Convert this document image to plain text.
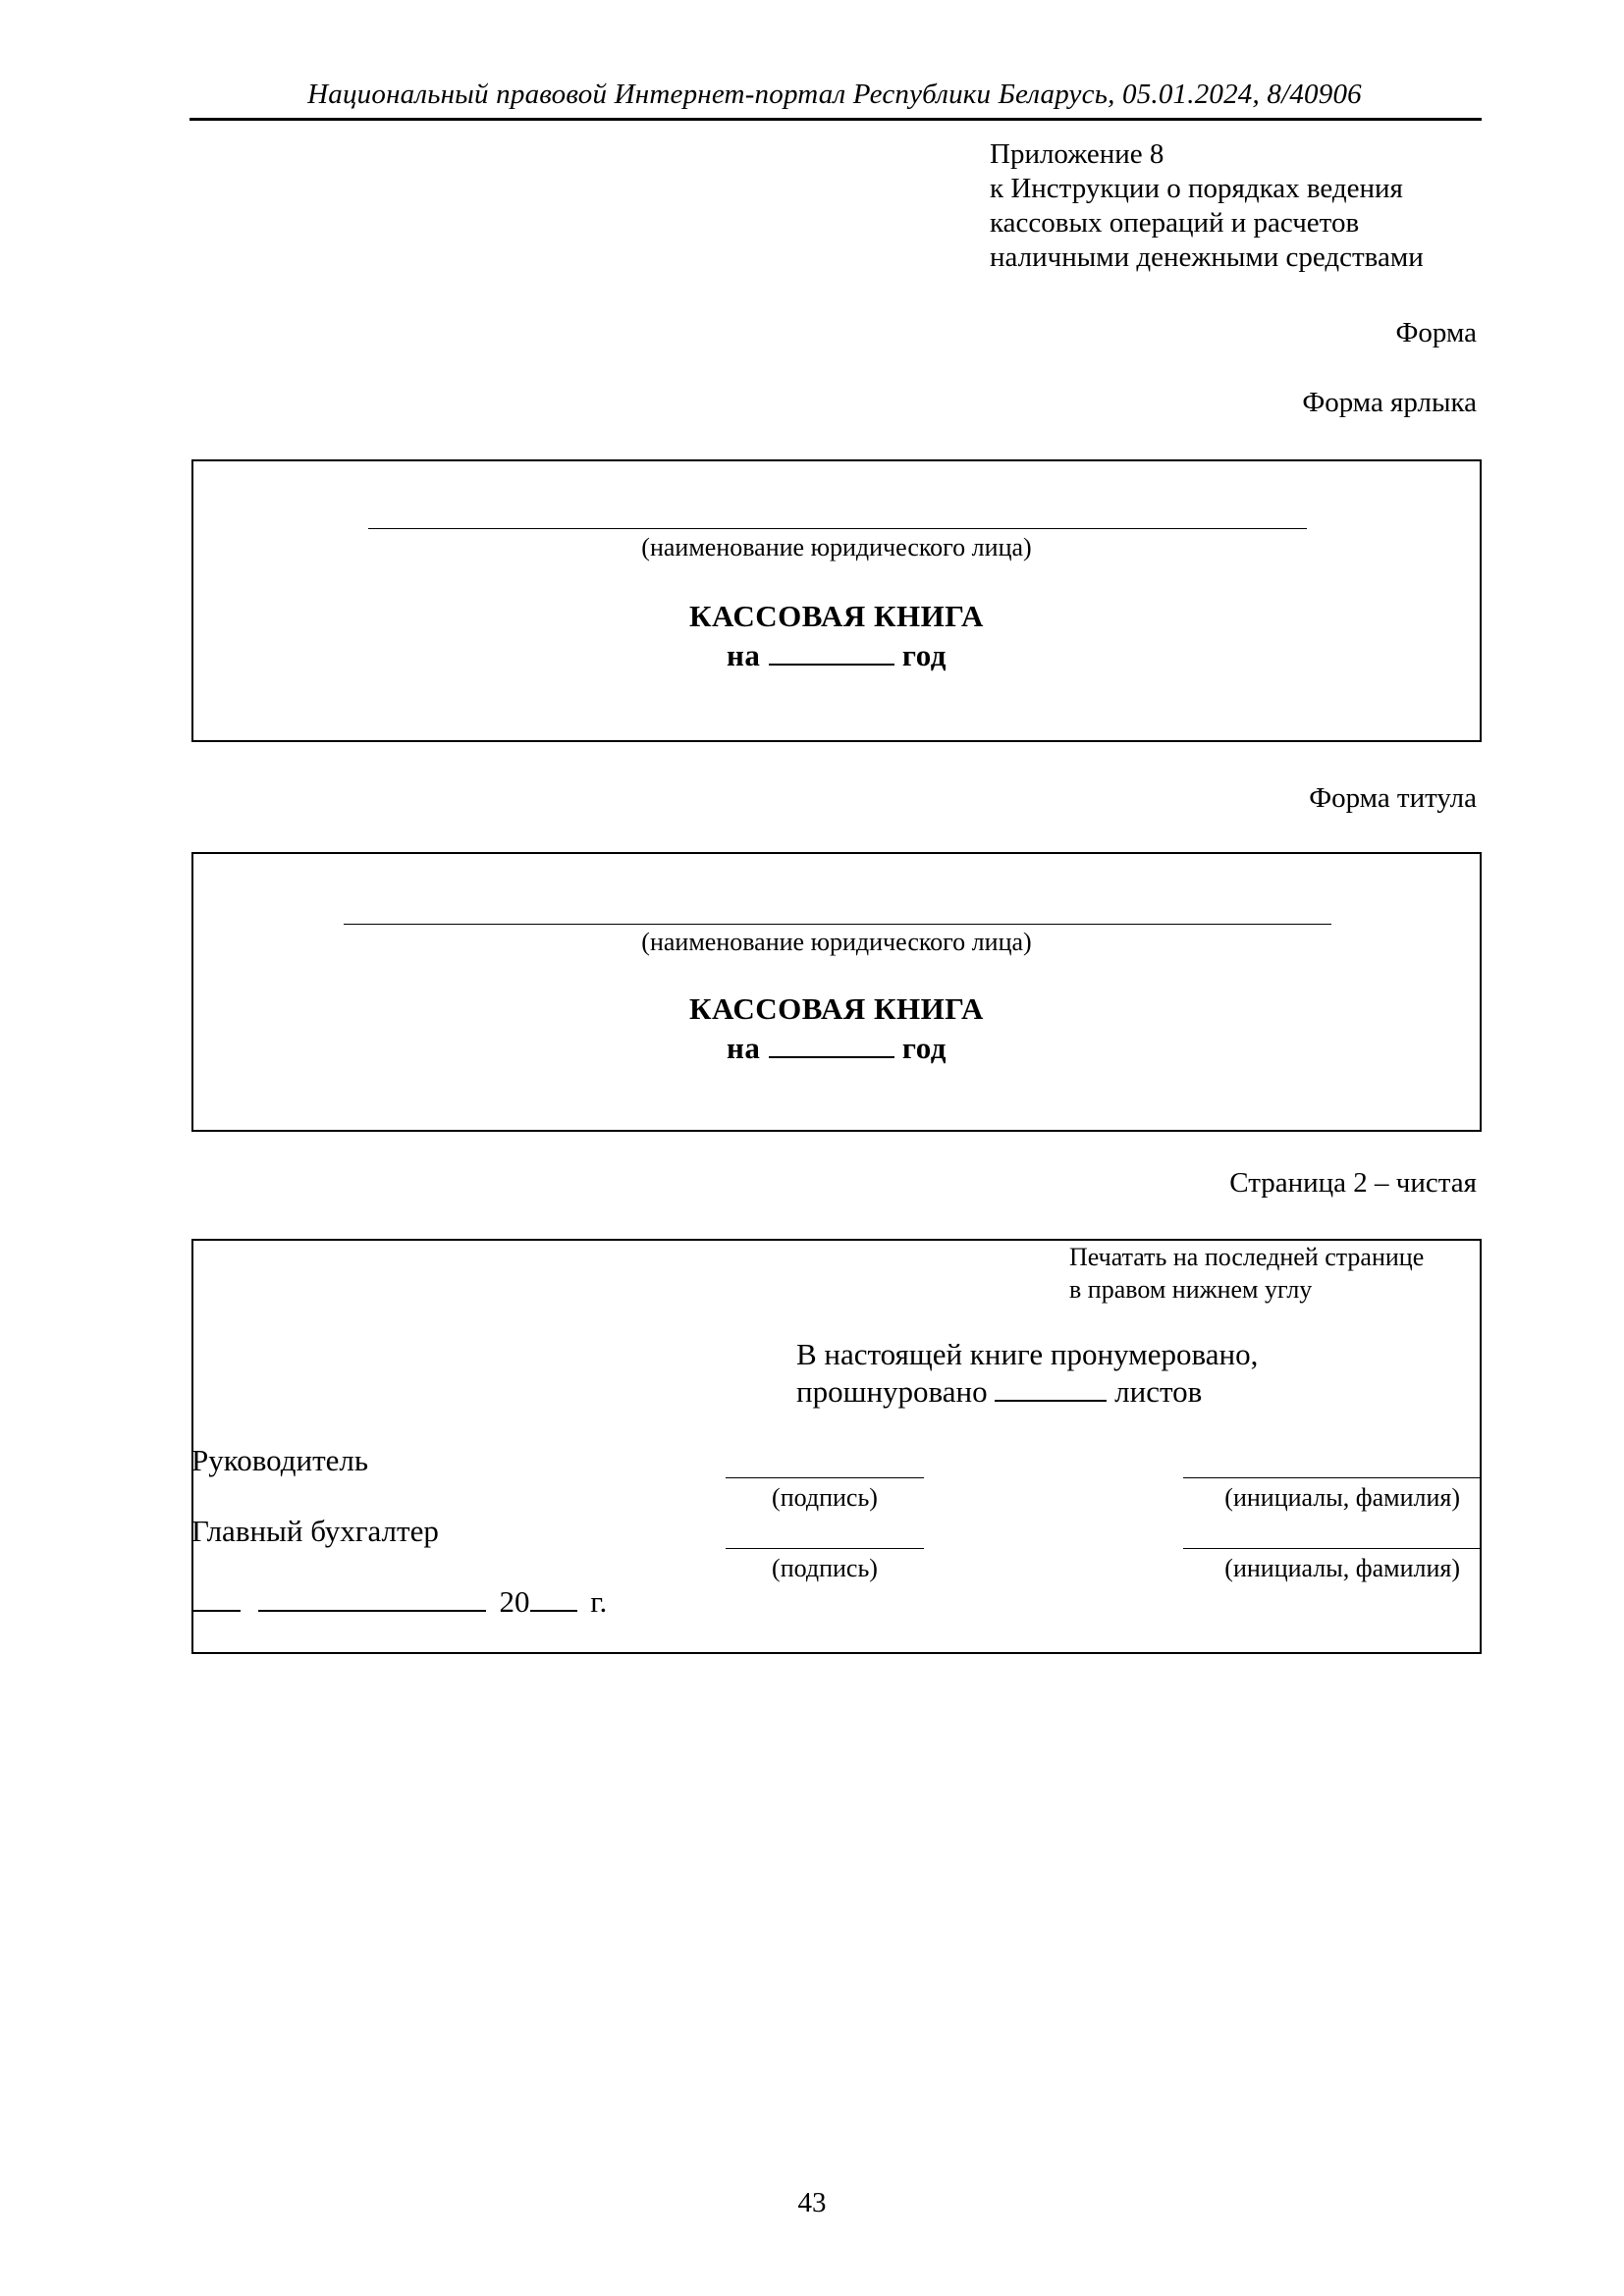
Национальный правовой Интернет-портал Республики Беларусь, 05.01.2024, 8/40906
Приложение 8
к Инструкции о порядках ведения
кассовых операций и расчетов
наличными денежными средствами
Форма
Форма ярлыка
(наименование юридического лица)
КАССОВАЯ КНИГА
на	год
Форма титула
(наименование юридического лица)
КАССОВАЯ КНИГА
на	год
Страница 2 – чистая
Печатать на последней странице
в правом нижнем углу
В настоящей книге пронумеровано,
прошнуровано	листов
Руководитель
(подпись)	(инициалы, фамилия)
Главный бухгалтер
(подпись)	(инициалы, фамилия)
20 г.
43
